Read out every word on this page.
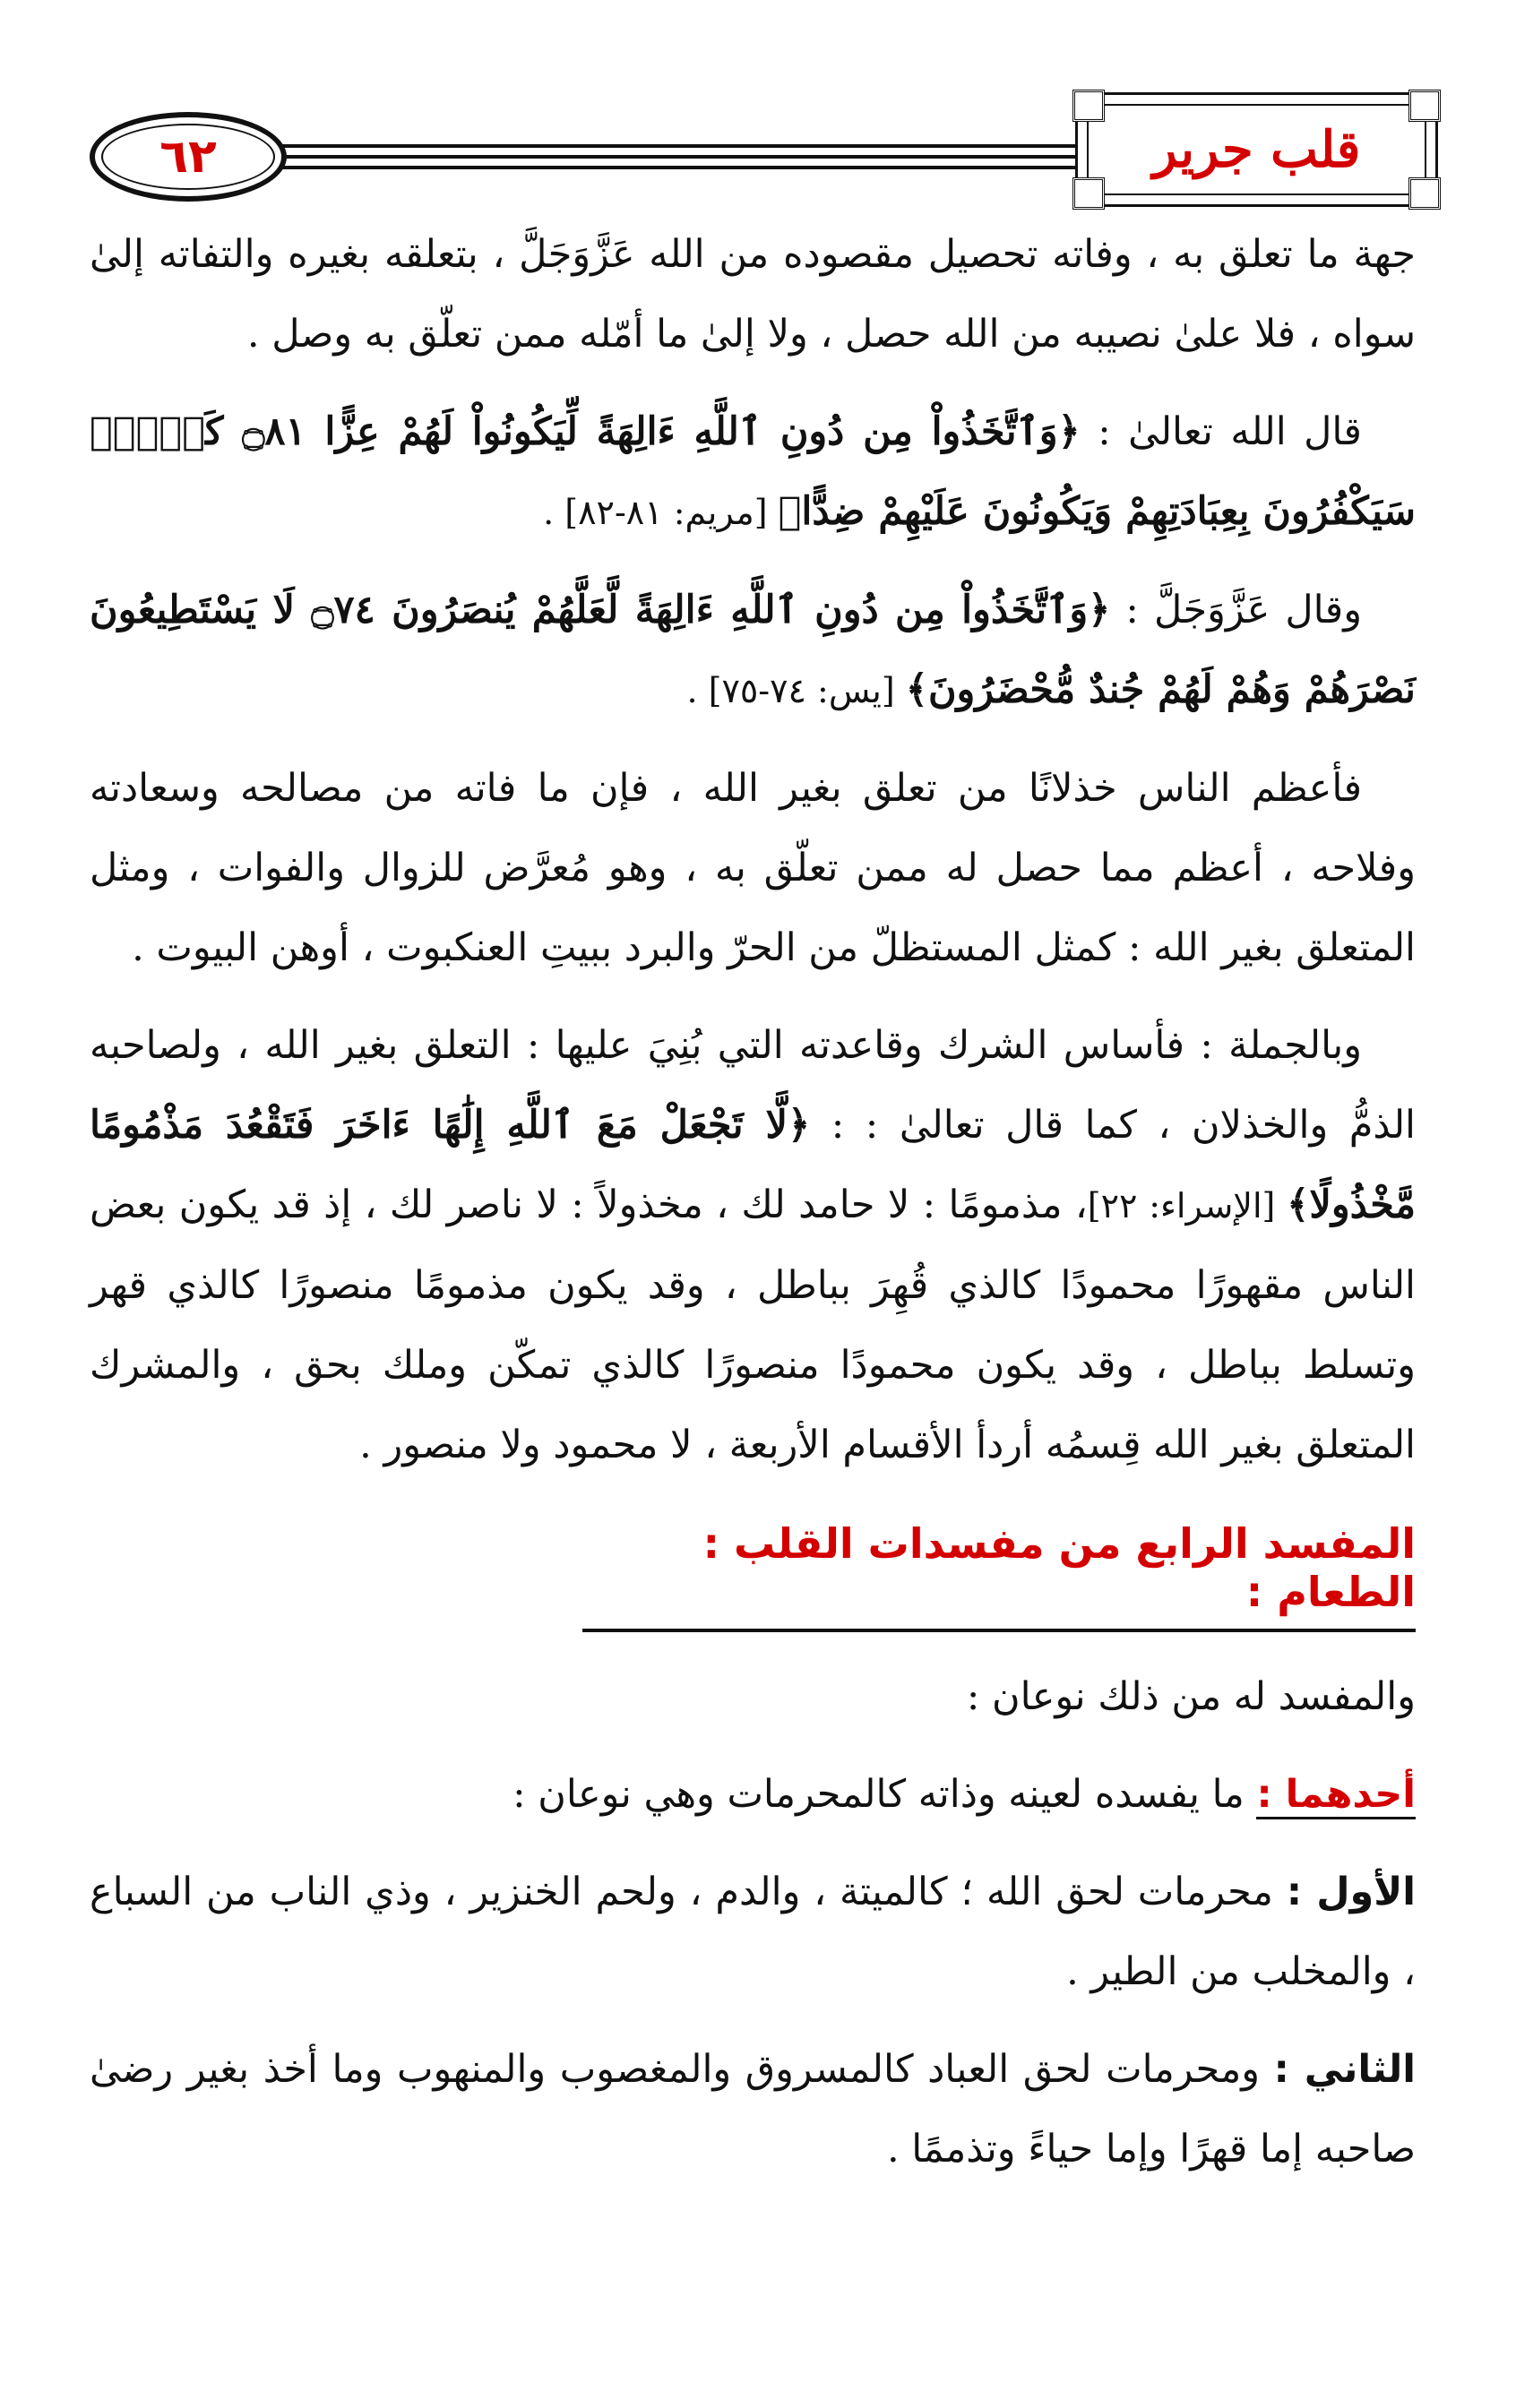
٦٢	قلب جرير

جهة ما تعلق به ، وفاته تحصيل مقصوده من الله عَزَّوَجَلَّ ، بتعلقه بغيره والتفاته إلىٰ سواه ، فلا علىٰ نصيبه من الله حصل ، ولا إلىٰ ما أمّله ممن تعلّق به وصل .

قال الله تعالىٰ : ﴿وَٱتَّخَذُواْ مِن دُونِ ٱللَّهِ ءَالِهَةً لِّيَكُونُواْ لَهُمْ عِزًّا ۝٨١ كَلَّاۚ سَيَكْفُرُونَ بِعِبَادَتِهِمْ وَيَكُونُونَ عَلَيْهِمْ ضِدًّا﴾ [مريم: ٨١-٨٢] .

وقال عَزَّوَجَلَّ : ﴿وَٱتَّخَذُواْ مِن دُونِ ٱللَّهِ ءَالِهَةً لَّعَلَّهُمْ يُنصَرُونَ ۝٧٤ لَا يَسْتَطِيعُونَ نَصْرَهُمْ وَهُمْ لَهُمْ جُندٌ مُّحْضَرُونَ﴾ [يس: ٧٤-٧٥] .

فأعظم الناس خذلانًا من تعلق بغير الله ، فإن ما فاته من مصالحه وسعادته وفلاحه ، أعظم مما حصل له ممن تعلّق به ، وهو مُعرَّض للزوال والفوات ، ومثل المتعلق بغير الله : كمثل المستظلّ من الحرّ والبرد ببيتِ العنكبوت ، أوهن البيوت .

وبالجملة : فأساس الشرك وقاعدته التي بُنِيَ عليها : التعلق بغير الله ، ولصاحبه الذمُّ والخذلان ، كما قال تعالىٰ : : ﴿لَّا تَجْعَلْ مَعَ ٱللَّهِ إِلَٰهًا ءَاخَرَ فَتَقْعُدَ مَذْمُومًا مَّخْذُولًا﴾ [الإسراء: ٢٢]، مذمومًا : لا حامد لك ، مخذولاً : لا ناصر لك ، إذ قد يكون بعض الناس مقهورًا محمودًا كالذي قُهِرَ بباطل ، وقد يكون مذمومًا منصورًا كالذي قهر وتسلط بباطل ، وقد يكون محمودًا منصورًا كالذي تمكّن وملك بحق ، والمشرك المتعلق بغير الله قِسمُه أردأ الأقسام الأربعة ، لا محمود ولا منصور .

المفسد الرابع من مفسدات القلب : الطعام :

والمفسد له من ذلك نوعان :

أحدهما : ما يفسده لعينه وذاته كالمحرمات وهي نوعان :

الأول : محرمات لحق الله ؛ كالميتة ، والدم ، ولحم الخنزير ، وذي الناب من السباع ، والمخلب من الطير .

الثاني : ومحرمات لحق العباد كالمسروق والمغصوب والمنهوب وما أخذ بغير رضىٰ صاحبه إما قهرًا وإما حياءً وتذممًا .
